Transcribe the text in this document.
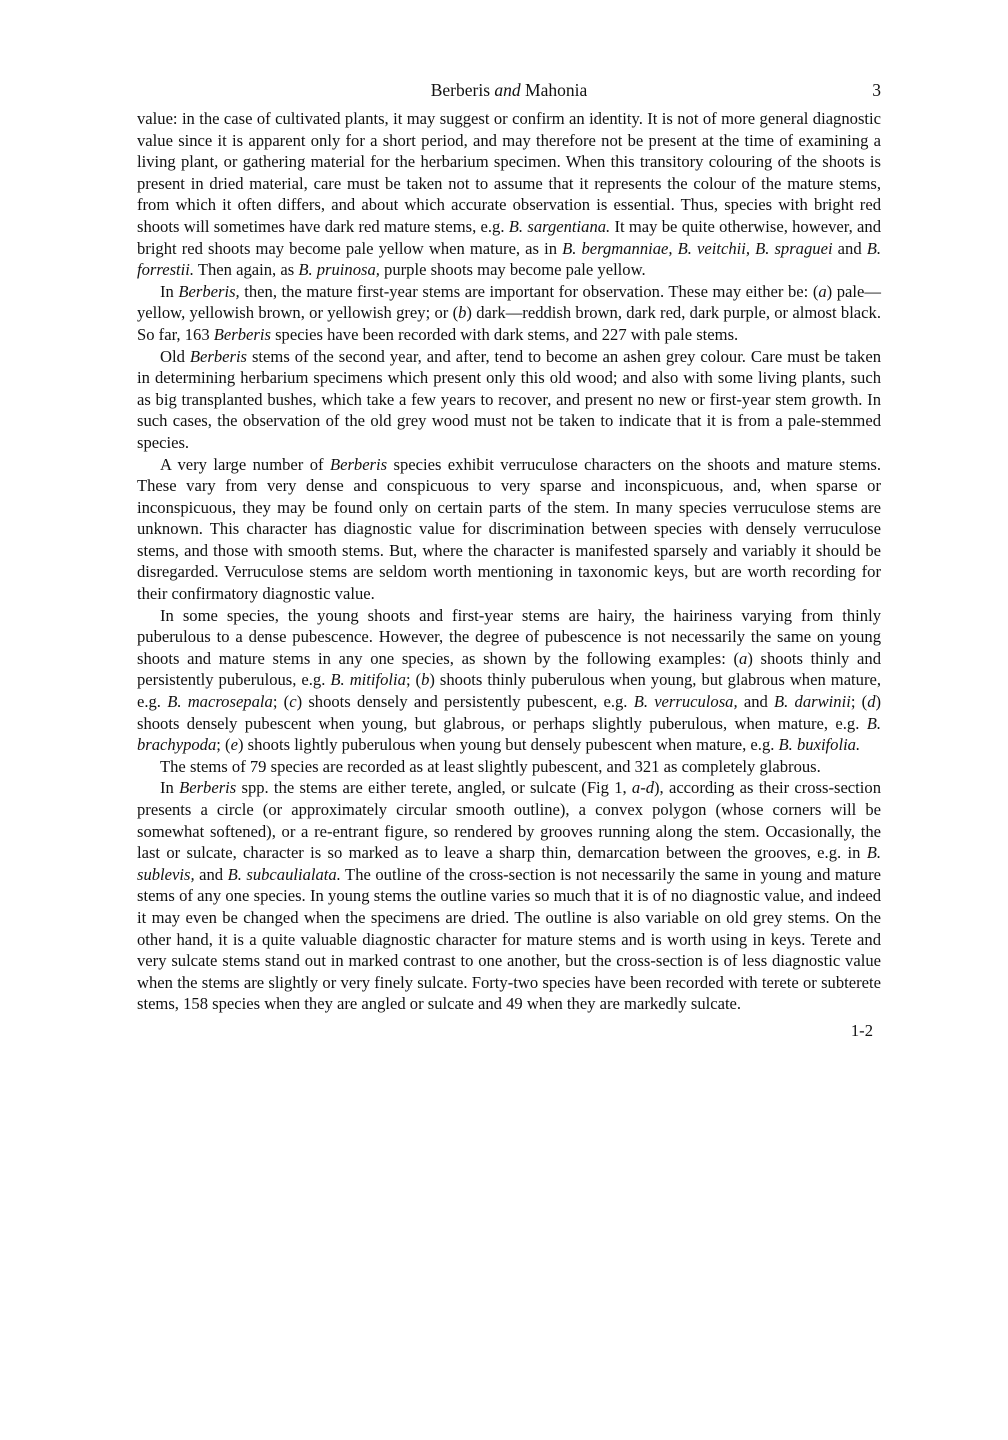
Berberis and Mahonia	3

value: in the case of cultivated plants, it may suggest or confirm an identity. It is not of more general diagnostic value since it is apparent only for a short period, and may therefore not be present at the time of examining a living plant, or gathering material for the herbarium specimen. When this transitory colouring of the shoots is present in dried material, care must be taken not to assume that it represents the colour of the mature stems, from which it often differs, and about which accurate observation is essential. Thus, species with bright red shoots will sometimes have dark red mature stems, e.g. B. sargentiana. It may be quite otherwise, however, and bright red shoots may become pale yellow when mature, as in B. bergmanniae, B. veitchii, B. spraguei and B. forrestii. Then again, as B. pruinosa, purple shoots may become pale yellow.

In Berberis, then, the mature first-year stems are important for observation. These may either be: (a) pale—yellow, yellowish brown, or yellowish grey; or (b) dark—reddish brown, dark red, dark purple, or almost black. So far, 163 Berberis species have been recorded with dark stems, and 227 with pale stems.

Old Berberis stems of the second year, and after, tend to become an ashen grey colour. Care must be taken in determining herbarium specimens which present only this old wood; and also with some living plants, such as big transplanted bushes, which take a few years to recover, and present no new or first-year stem growth. In such cases, the observation of the old grey wood must not be taken to indicate that it is from a pale-stemmed species.

A very large number of Berberis species exhibit verruculose characters on the shoots and mature stems. These vary from very dense and conspicuous to very sparse and inconspicuous, and, when sparse or inconspicuous, they may be found only on certain parts of the stem. In many species verruculose stems are unknown. This character has diagnostic value for discrimination between species with densely verruculose stems, and those with smooth stems. But, where the character is manifested sparsely and variably it should be disregarded. Verruculose stems are seldom worth mentioning in taxonomic keys, but are worth recording for their confirmatory diagnostic value.

In some species, the young shoots and first-year stems are hairy, the hairiness varying from thinly puberulous to a dense pubescence. However, the degree of pubescence is not necessarily the same on young shoots and mature stems in any one species, as shown by the following examples: (a) shoots thinly and persistently puberulous, e.g. B. mitifolia; (b) shoots thinly puberulous when young, but glabrous when mature, e.g. B. macrosepala; (c) shoots densely and persistently pubescent, e.g. B. verruculosa, and B. darwinii; (d) shoots densely pubescent when young, but glabrous, or perhaps slightly puberulous, when mature, e.g. B. brachypoda; (e) shoots lightly puberulous when young but densely pubescent when mature, e.g. B. buxifolia.

The stems of 79 species are recorded as at least slightly pubescent, and 321 as completely glabrous.

In Berberis spp. the stems are either terete, angled, or sulcate (Fig 1, a-d), according as their cross-section presents a circle (or approximately circular smooth outline), a convex polygon (whose corners will be somewhat softened), or a re-entrant figure, so rendered by grooves running along the stem. Occasionally, the last or sulcate, character is so marked as to leave a sharp thin, demarcation between the grooves, e.g. in B. sublevis, and B. subcaulialata. The outline of the cross-section is not necessarily the same in young and mature stems of any one species. In young stems the outline varies so much that it is of no diagnostic value, and indeed it may even be changed when the specimens are dried. The outline is also variable on old grey stems. On the other hand, it is a quite valuable diagnostic character for mature stems and is worth using in keys. Terete and very sulcate stems stand out in marked contrast to one another, but the cross-section is of less diagnostic value when the stems are slightly or very finely sulcate. Forty-two species have been recorded with terete or subterete stems, 158 species when they are angled or sulcate and 49 when they are markedly sulcate.

1-2
